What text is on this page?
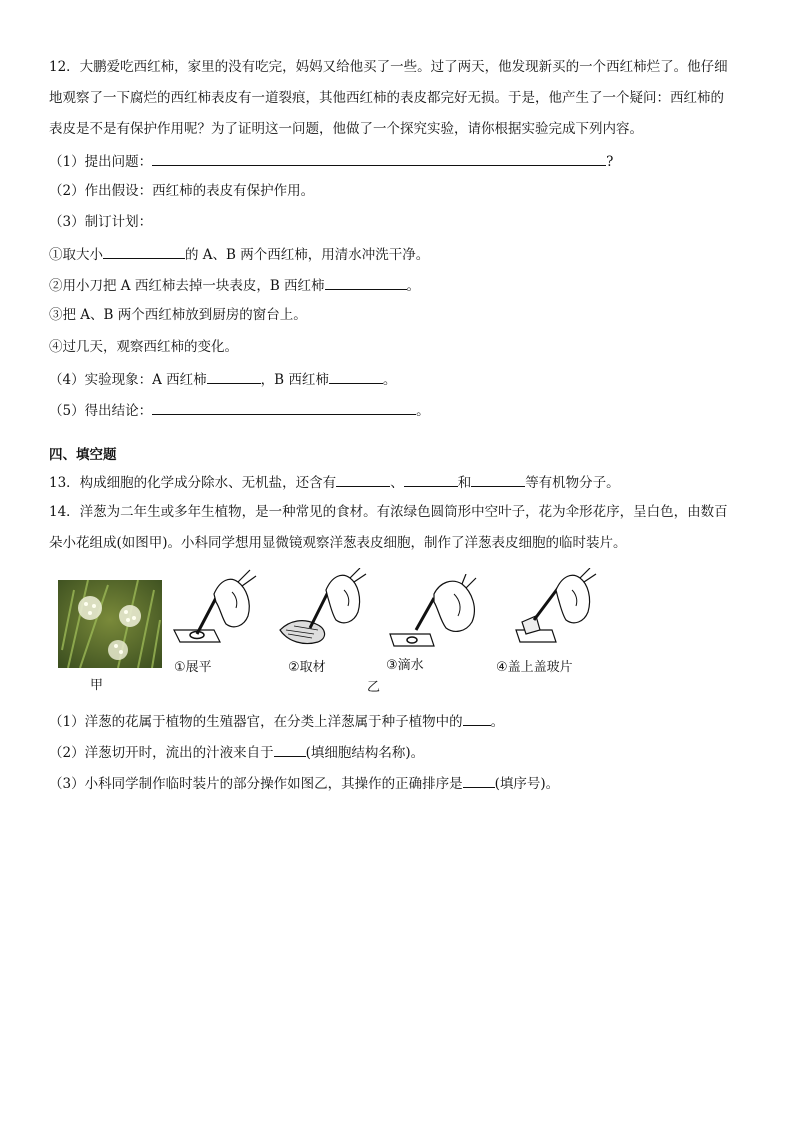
12．大鹏爱吃西红柿，家里的没有吃完，妈妈又给他买了一些。过了两天，他发现新买的一个西红柿烂了。他仔细
地观察了一下腐烂的西红柿表皮有一道裂痕，其他西红柿的表皮都完好无损。于是，他产生了一个疑问：西红柿的
表皮是不是有保护作用呢？为了证明这一问题，他做了一个探究实验，请你根据实验完成下列内容。
（1）提出问题：	?
（2）作出假设：西红柿的表皮有保护作用。
（3）制订计划：
①取大小	的 A、B 两个西红柿，用清水冲洗干净。
②用小刀把 A 西红柿去掉一块表皮，B 西红柿	。
③把 A、B 两个西红柿放到厨房的窗台上。
④过几天，观察西红柿的变化。
（4）实验现象：A 西红柿	，B 西红柿	。
（5）得出结论：	。
四、填空题
13．构成细胞的化学成分除水、无机盐，还含有	、	和	等有机物分子。
14．洋葱为二年生或多年生植物，是一种常见的食材。有浓绿色圆筒形中空叶子，花为伞形花序，呈白色，由数百
朵小花组成(如图甲)。小科同学想用显微镜观察洋葱表皮细胞，制作了洋葱表皮细胞的临时装片。
甲
①展平	②取材	③滴水	④盖上盖玻片
乙
（1）洋葱的花属于植物的生殖器官，在分类上洋葱属于种子植物中的 。
（2）洋葱切开时，流出的汁液来自于 (填细胞结构名称)。
（3）小科同学制作临时装片的部分操作如图乙，其操作的正确排序是 (填序号)。
